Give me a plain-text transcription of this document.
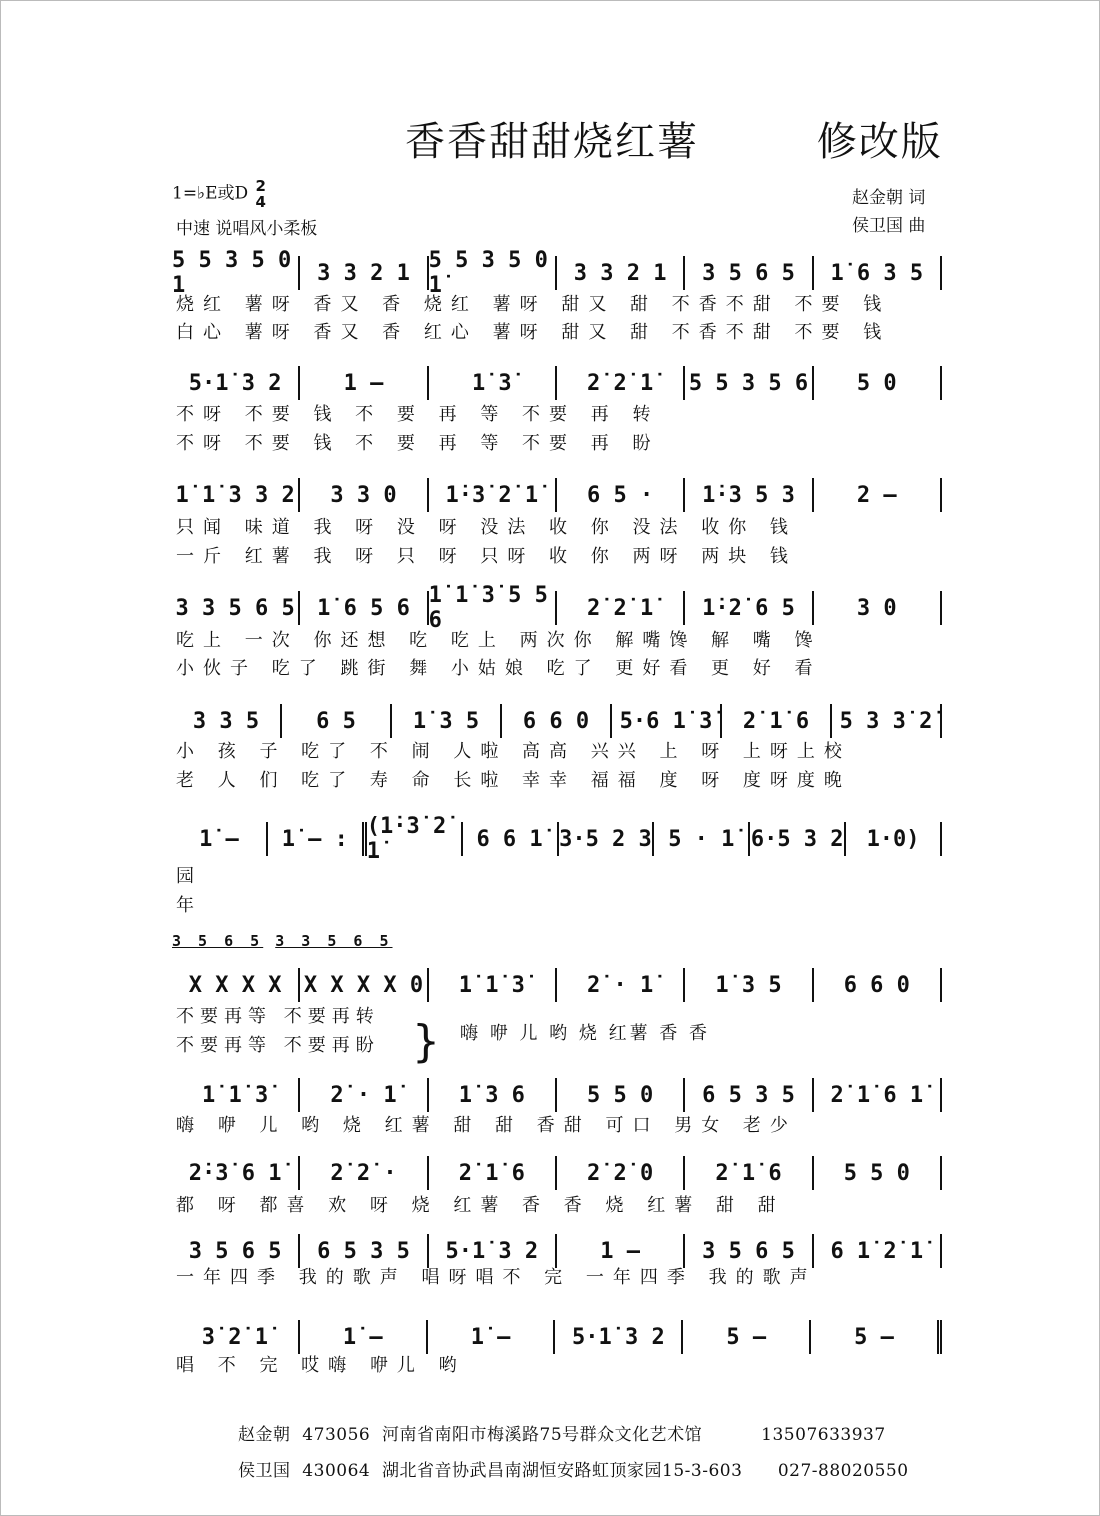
香香甜甜烧红薯        修改版
1=♭E或D 2
4
中速 说唱风小柔板
赵金朝 词
侯卫国 曲
5 5 3 5 0 1	3 3 2 1 5 5 3 5 0 1̇	3 3 2 1	3 5 6 5	1̇ 6 3 5
烧红 薯呀 香又 香 烧红 薯呀 甜又 甜 不香不甜 不要 钱
白心 薯呀 香又 香 红心 薯呀 甜又 甜 不香不甜 不要 钱
5·1̇ 3 2	1 –	1̇ 3̇	2̇ 2̇ 1̇	5 5 3 5 6	5 0
不呀 不要 钱 不 要 再 等 不要 再 转
不呀 不要 钱 不 要 再 等 不要 再 盼
1̇ 1̇ 3 3 2	3 3 0	1̇·3̇ 2̇ 1̇	6 5 ·	1̇·3 5 3	2 –
只闻 味道 我 呀 没 呀 没法 收 你 没法 收你 钱
一斤 红薯 我 呀 只 呀 只呀 收 你 两呀 两块 钱
3 3 5 6 5	1̇ 6 5 6 1̇ 1̇ 3̇ 5 5 6	2̇ 2̇ 1̇	1̇·2̇ 6 5	3 0
吃上 一次 你还想 吃 吃上 两次你 解嘴馋 解 嘴 馋
小伙子 吃了 跳街 舞 小姑娘 吃了 更好看 更 好 看
3 3 5	6 5	1̇ 3 5	6 6 0	5·6 1̇ 3̇	2̇ 1̇ 6	5 3 3̇ 2̇
小 孩 子 吃了 不 闹 人啦 高高 兴兴 上 呀 上呀上校
老 人 们 吃了 寿 命 长啦 幸幸 福福 度 呀 度呀度晚
1̇ –	1̇ – : (1̇·3̇ 2̇ 1̇	6 6 1̇ 3·5 2 3 5 · 1̇ 6·5 3 2	1·0)
园
年
X X X X	X X X X 0	1̇ 1̇ 3̇	2̇ · 1̇	1̇ 3 5	6 6 0
不要再等 不要再转
不要再等 不要再盼
3 5 6 5 3 3 5 6 5
} 嗨 咿 儿 哟 烧 红薯 香 香
1̇ 1̇ 3̇	2̇ · 1̇	1̇ 3 6	5 5 0	6 5 3 5	2̇ 1̇ 6 1̇
嗨 咿 儿 哟 烧 红薯 甜 甜 香甜 可口 男女 老少
2̇·3̇ 6 1̇	2̇ 2̇ ·	2̇ 1̇ 6	2̇ 2̇ 0	2̇ 1̇ 6	5 5 0
都 呀 都喜 欢 呀 烧 红薯 香 香 烧 红薯 甜 甜
3 5 6 5	6 5 3 5	5·1̇ 3 2	1 –	3 5 6 5	6 1̇ 2̇ 1̇
一年四季 我的歌声 唱呀唱不 完 一年四季 我的歌声
3̇ 2̇ 1̇	1̇ –	1̇ –	5·1̇ 3 2	5 –	5 –
唱 不 完 哎嗨 咿儿 哟
赵金朝  473056  河南省南阳市梅溪路75号群众文化艺术馆          13507633937
侯卫国  430064  湖北省音协武昌南湖恒安路虹顶家园15-3-603      027-88020550
